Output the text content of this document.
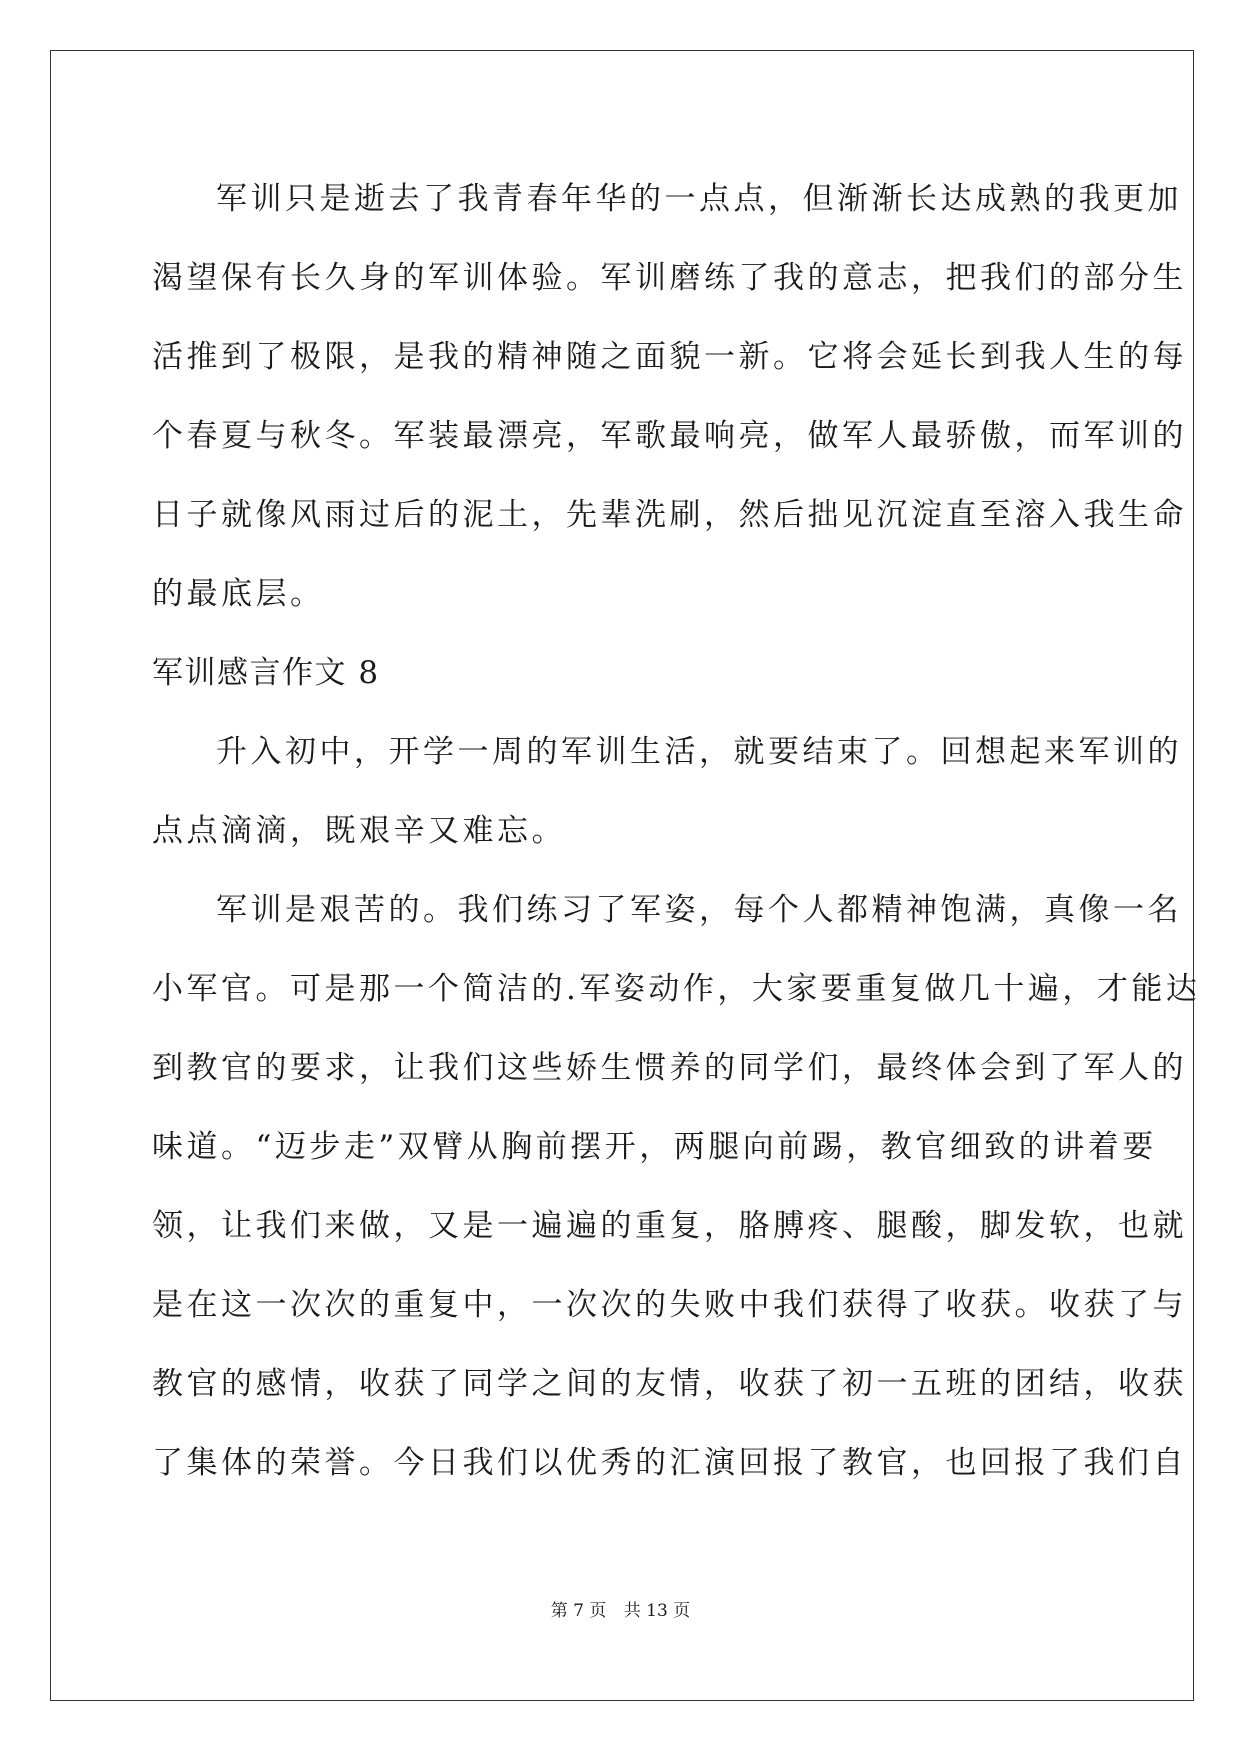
军训只是逝去了我青春年华的一点点，但渐渐长达成熟的我更加
渴望保有长久身的军训体验。军训磨练了我的意志，把我们的部分生
活推到了极限，是我的精神随之面貌一新。它将会延长到我人生的每
个春夏与秋冬。军装最漂亮，军歌最响亮，做军人最骄傲，而军训的
日子就像风雨过后的泥土，先辈洗刷，然后拙见沉淀直至溶入我生命
的最底层。
军训感言作文 8
升入初中，开学一周的军训生活，就要结束了。回想起来军训的
点点滴滴，既艰辛又难忘。
军训是艰苦的。我们练习了军姿，每个人都精神饱满，真像一名
小军官。可是那一个简洁的.军姿动作，大家要重复做几十遍，才能达
到教官的要求，让我们这些娇生惯养的同学们，最终体会到了军人的
味道。“迈步走”双臂从胸前摆开，两腿向前踢，教官细致的讲着要
领，让我们来做，又是一遍遍的重复，胳膊疼、腿酸，脚发软，也就
是在这一次次的重复中，一次次的失败中我们获得了收获。收获了与
教官的感情，收获了同学之间的友情，收获了初一五班的团结，收获
了集体的荣誉。今日我们以优秀的汇演回报了教官，也回报了我们自
第 7 页 共 13 页
